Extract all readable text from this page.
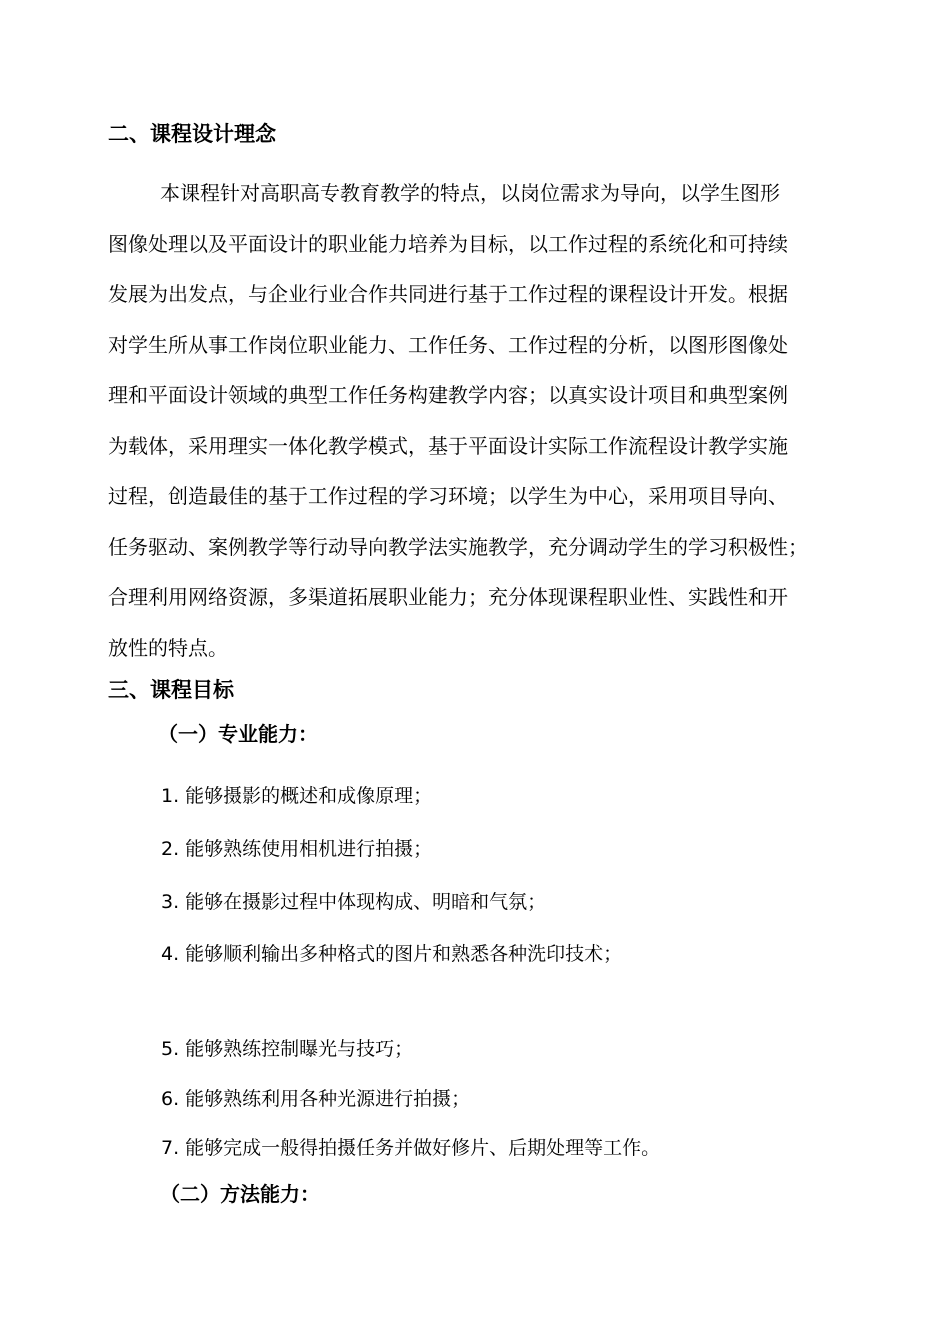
二、课程设计理念

本课程针对高职高专教育教学的特点，以岗位需求为导向，以学生图形
图像处理以及平面设计的职业能力培养为目标，以工作过程的系统化和可持续
发展为出发点，与企业行业合作共同进行基于工作过程的课程设计开发。根据
对学生所从事工作岗位职业能力、工作任务、工作过程的分析，以图形图像处
理和平面设计领域的典型工作任务构建教学内容；以真实设计项目和典型案例
为载体，采用理实一体化教学模式，基于平面设计实际工作流程设计教学实施
过程，创造最佳的基于工作过程的学习环境；以学生为中心，采用项目导向、
任务驱动、案例教学等行动导向教学法实施教学，充分调动学生的学习积极性；
合理利用网络资源，多渠道拓展职业能力；充分体现课程职业性、实践性和开
放性的特点。

三、课程目标
（一）专业能力：

1. 能够摄影的概述和成像原理；

2. 能够熟练使用相机进行拍摄；

3. 能够在摄影过程中体现构成、明暗和气氛；

4. 能够顺利输出多种格式的图片和熟悉各种洗印技术；

5. 能够熟练控制曝光与技巧；

6. 能够熟练利用各种光源进行拍摄；

7. 能够完成一般得拍摄任务并做好修片、后期处理等工作。

（二）方法能力：
